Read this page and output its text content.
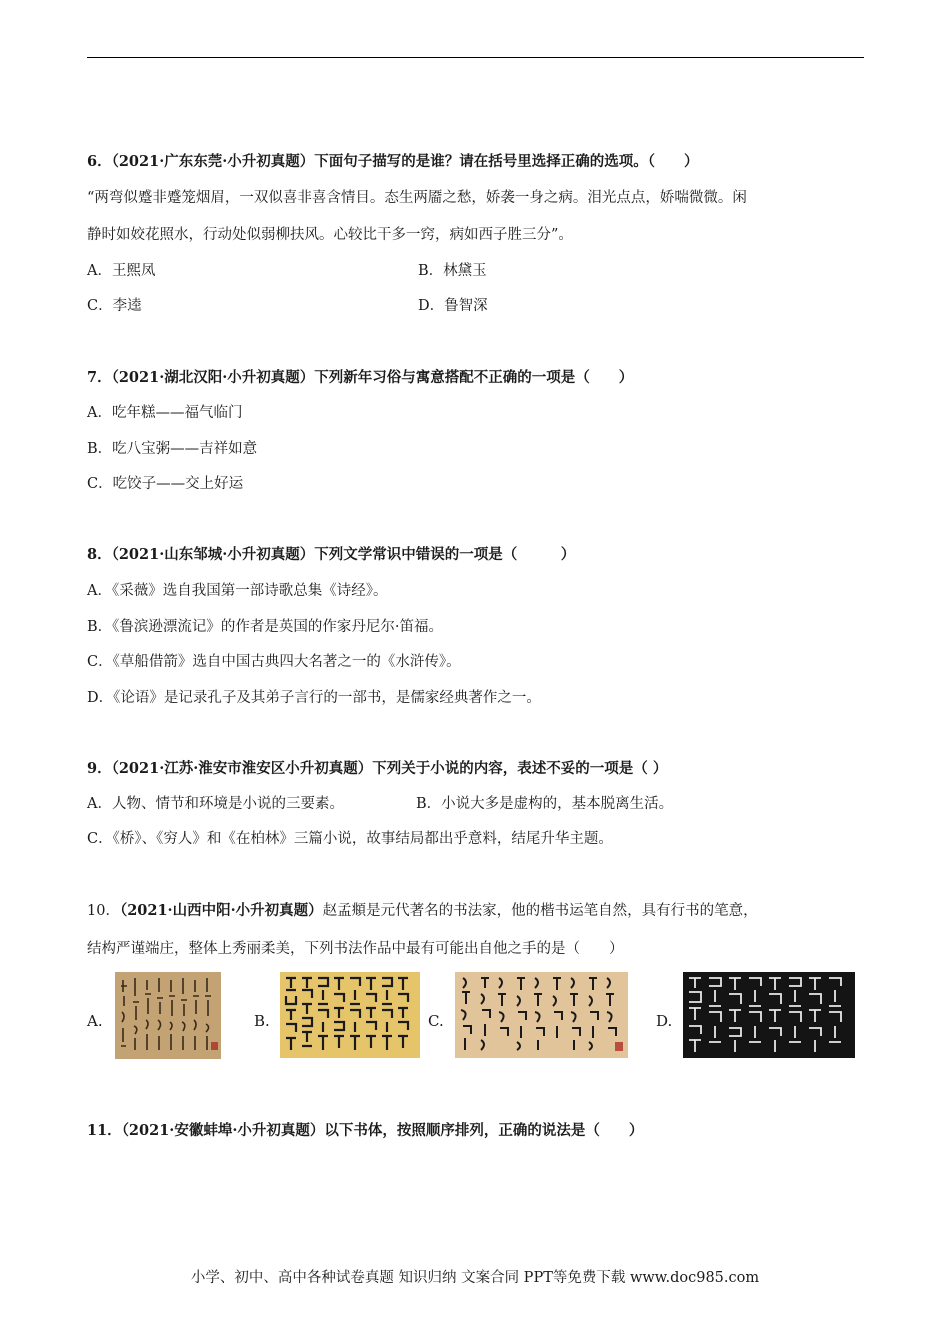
6．（2021·广东东莞·小升初真题）下面句子描写的是谁？请在括号里选择正确的选项。（　　）
“两弯似蹙非蹙笼烟眉，一双似喜非喜含情目。态生两靥之愁，娇袭一身之病。泪光点点，娇喘微微。闲
静时如姣花照水，行动处似弱柳扶风。心较比干多一窍，病如西子胜三分”。
A．王熙凤	B．林黛玉
C．李逵	D．鲁智深
7．（2021·湖北汉阳·小升初真题）下列新年习俗与寓意搭配不正确的一项是（　　）
A．吃年糕——福气临门
B．吃八宝粥——吉祥如意
C．吃饺子——交上好运
8．（2021·山东邹城·小升初真题）下列文学常识中错误的一项是（　　　）
A．《采薇》选自我国第一部诗歌总集《诗经》。
B．《鲁滨逊漂流记》的作者是英国的作家丹尼尔·笛福。
C．《草船借箭》选自中国古典四大名著之一的《水浒传》。
D．《论语》是记录孔子及其弟子言行的一部书，是儒家经典著作之一。
9．（2021·江苏·淮安市淮安区小升初真题）下列关于小说的内容，表述不妥的一项是（ ）
A．人物、情节和环境是小说的三要素。	B．小说大多是虚构的，基本脱离生活。
C．《桥》、《穷人》和《在柏林》三篇小说，故事结局都出乎意料，结尾升华主题。
10．（2021·山西中阳·小升初真题）赵孟頫是元代著名的书法家，他的楷书运笔自然，具有行书的笔意，
结构严谨端庄，整体上秀丽柔美，下列书法作品中最有可能出自他之手的是（　　）
A.	B.	C.	D.
11．（2021·安徽蚌埠·小升初真题）以下书体，按照顺序排列，正确的说法是（　　）
小学、初中、高中各种试卷真题 知识归纳 文案合同 PPT等免费下载 www.doc985.com
